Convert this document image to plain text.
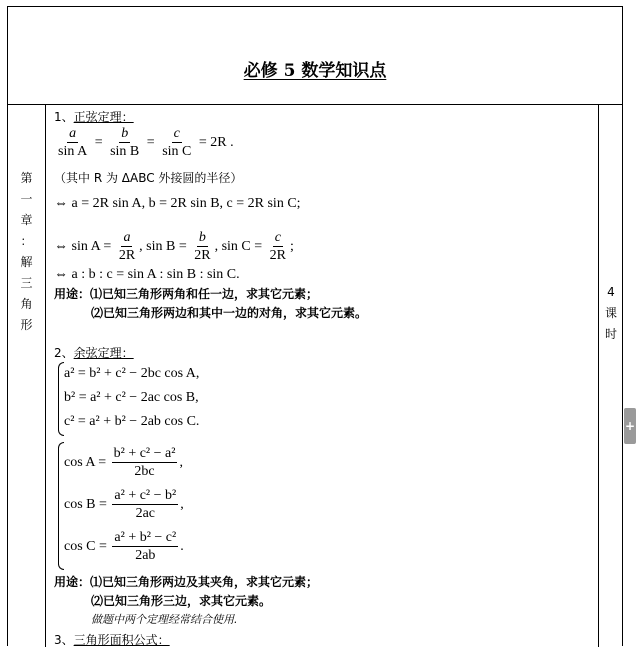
必修 5 数学知识点
第
一
章
：
解
三
角
形
1、正弦定理：
$\frac{a}{\text{sin A}} = \frac{b}{\text{sin B}} = \frac{c}{\text{sin C}} = 2R$ .
（其中 R 为 ΔABC 外接圆的半径）
⇔ a = 2R sin A, b = 2R sin B, c = 2R sin C;
⇔ $\sin A = \frac{a}{2R}$ , $\sin B = \frac{b}{2R}$ , $\sin C = \frac{c}{2R}$ ;
⇔ a : b : c = sin A : sin B : sin C.
用途：⑴已知三角形两角和任一边，求其它元素；
⑵已知三角形两边和其中一边的对角，求其它元素。
2、余弦定理：
a² = b² + c² − 2bc cos A,
b² = a² + c² − 2ac cos B,
c² = a² + b² − 2ab cos C.
$\cos A = \frac{\text{b² + c² − a²}}{2bc}$ ,
$\cos B = \frac{\text{a² + c² − b²}}{2ac}$ ,
$\cos C = \frac{\text{a² + b² − c²}}{2ab}$ .
用途：⑴已知三角形两边及其夹角，求其它元素；
⑵已知三角形三边，求其它元素。
做题中两个定理经常结合使用.
3、三角形面积公式：
4
课
时
+
